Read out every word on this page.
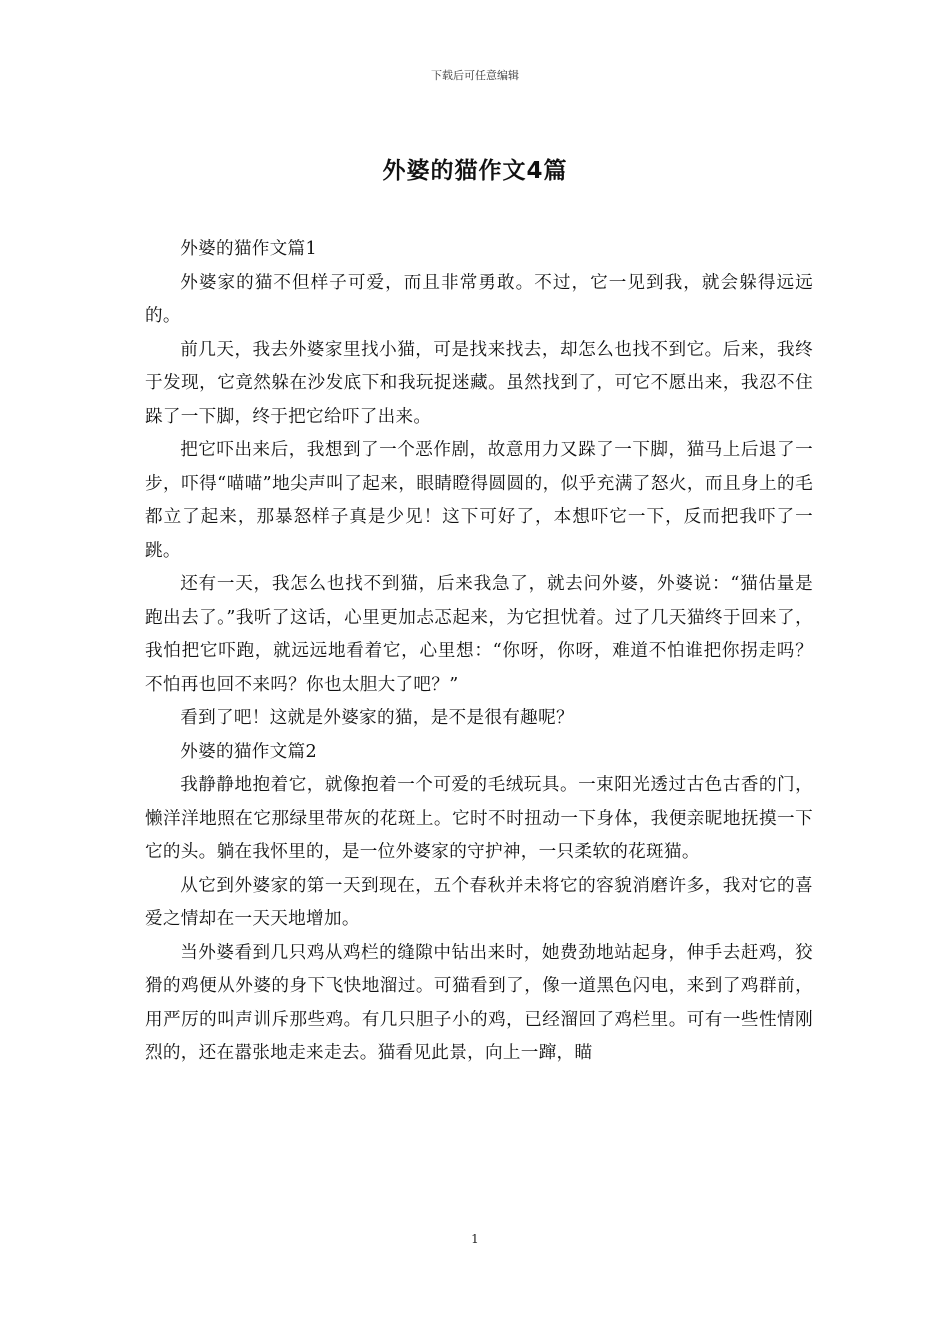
下载后可任意编辑
外婆的猫作文4篇

外婆的猫作文篇1

外婆家的猫不但样子可爱，而且非常勇敢。不过，它一见到我，就会躲得远远的。

前几天，我去外婆家里找小猫，可是找来找去，却怎么也找不到它。后来，我终于发现，它竟然躲在沙发底下和我玩捉迷藏。虽然找到了，可它不愿出来，我忍不住跺了一下脚，终于把它给吓了出来。

把它吓出来后，我想到了一个恶作剧，故意用力又跺了一下脚，猫马上后退了一步，吓得“喵喵”地尖声叫了起来，眼睛瞪得圆圆的，似乎充满了怒火，而且身上的毛都立了起来，那暴怒样子真是少见！这下可好了，本想吓它一下，反而把我吓了一跳。

还有一天，我怎么也找不到猫，后来我急了，就去问外婆，外婆说：“猫估量是跑出去了。”我听了这话，心里更加忐忑起来，为它担忧着。过了几天猫终于回来了，我怕把它吓跑，就远远地看着它，心里想：“你呀，你呀，难道不怕谁把你拐走吗？不怕再也回不来吗？你也太胆大了吧？”

看到了吧！这就是外婆家的猫，是不是很有趣呢？

外婆的猫作文篇2

我静静地抱着它，就像抱着一个可爱的毛绒玩具。一束阳光透过古色古香的门，懒洋洋地照在它那绿里带灰的花斑上。它时不时扭动一下身体，我便亲昵地抚摸一下它的头。躺在我怀里的，是一位外婆家的守护神，一只柔软的花斑猫。

从它到外婆家的第一天到现在，五个春秋并未将它的容貌消磨许多，我对它的喜爱之情却在一天天地增加。

当外婆看到几只鸡从鸡栏的缝隙中钻出来时，她费劲地站起身，伸手去赶鸡，狡猾的鸡便从外婆的身下飞快地溜过。可猫看到了，像一道黑色闪电，来到了鸡群前，用严厉的叫声训斥那些鸡。有几只胆子小的鸡，已经溜回了鸡栏里。可有一些性情刚烈的，还在嚣张地走来走去。猫看见此景，向上一蹿，瞄

1
